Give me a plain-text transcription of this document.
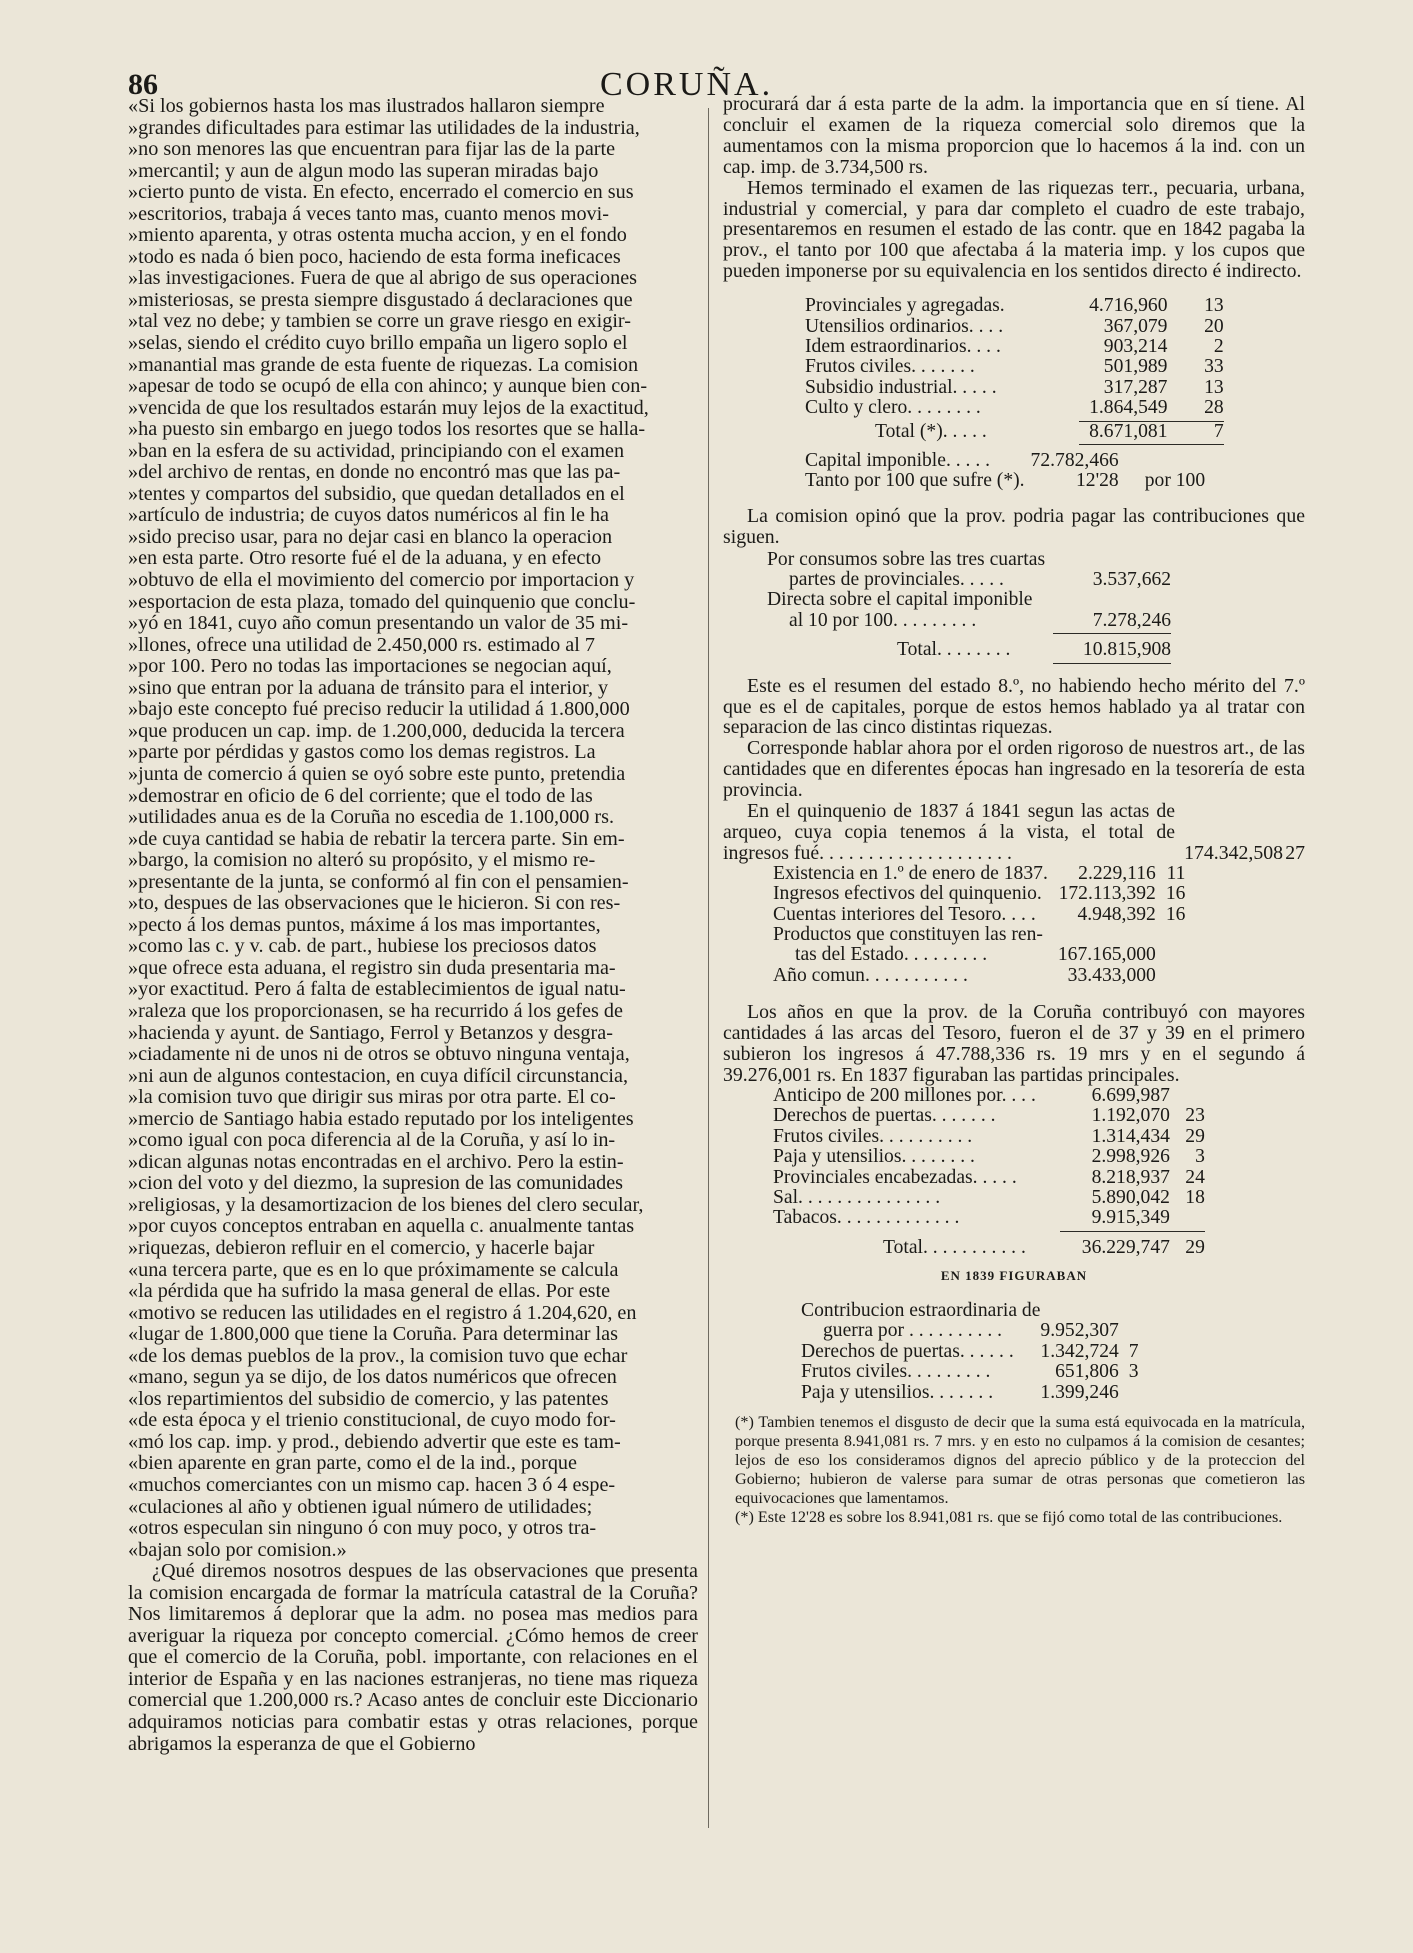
86	CORUÑA.
«Si los gobiernos hasta los mas ilustrados hallaron siempre
»grandes dificultades para estimar las utilidades de la industria,
»no son menores las que encuentran para fijar las de la parte
»mercantil; y aun de algun modo las superan miradas bajo
»cierto punto de vista. En efecto, encerrado el comercio en sus
»escritorios, trabaja á veces tanto mas, cuanto menos movi-
»miento aparenta, y otras ostenta mucha accion, y en el fondo
»todo es nada ó bien poco, haciendo de esta forma ineficaces
»las investigaciones. Fuera de que al abrigo de sus operaciones
»misteriosas, se presta siempre disgustado á declaraciones que
»tal vez no debe; y tambien se corre un grave riesgo en exigir-
»selas, siendo el crédito cuyo brillo empaña un ligero soplo el
»manantial mas grande de esta fuente de riquezas. La comision
»apesar de todo se ocupó de ella con ahinco; y aunque bien con-
»vencida de que los resultados estarán muy lejos de la exactitud,
»ha puesto sin embargo en juego todos los resortes que se halla-
»ban en la esfera de su actividad, principiando con el examen
»del archivo de rentas, en donde no encontró mas que las pa-
»tentes y compartos del subsidio, que quedan detallados en el
»artículo de industria; de cuyos datos numéricos al fin le ha
»sido preciso usar, para no dejar casi en blanco la operacion
»en esta parte. Otro resorte fué el de la aduana, y en efecto
»obtuvo de ella el movimiento del comercio por importacion y
»esportacion de esta plaza, tomado del quinquenio que conclu-
»yó en 1841, cuyo año comun presentando un valor de 35 mi-
»llones, ofrece una utilidad de 2.450,000 rs. estimado al 7
»por 100. Pero no todas las importaciones se negocian aquí,
»sino que entran por la aduana de tránsito para el interior, y
»bajo este concepto fué preciso reducir la utilidad á 1.800,000
»que producen un cap. imp. de 1.200,000, deducida la tercera
»parte por pérdidas y gastos como los demas registros. La
»junta de comercio á quien se oyó sobre este punto, pretendia
»demostrar en oficio de 6 del corriente; que el todo de las
»utilidades anua es de la Coruña no escedia de 1.100,000 rs.
»de cuya cantidad se habia de rebatir la tercera parte. Sin em-
»bargo, la comision no alteró su propósito, y el mismo re-
»presentante de la junta, se conformó al fin con el pensamien-
»to, despues de las observaciones que le hicieron. Si con res-
»pecto á los demas puntos, máxime á los mas importantes,
»como las c. y v. cab. de part., hubiese los preciosos datos
»que ofrece esta aduana, el registro sin duda presentaria ma-
»yor exactitud. Pero á falta de establecimientos de igual natu-
»raleza que los proporcionasen, se ha recurrido á los gefes de
»hacienda y ayunt. de Santiago, Ferrol y Betanzos y desgra-
»ciadamente ni de unos ni de otros se obtuvo ninguna ventaja,
»ni aun de algunos contestacion, en cuya difícil circunstancia,
»la comision tuvo que dirigir sus miras por otra parte. El co-
»mercio de Santiago habia estado reputado por los inteligentes
»como igual con poca diferencia al de la Coruña, y así lo in-
»dican algunas notas encontradas en el archivo. Pero la estin-
»cion del voto y del diezmo, la supresion de las comunidades
»religiosas, y la desamortizacion de los bienes del clero secular,
»por cuyos conceptos entraban en aquella c. anualmente tantas
»riquezas, debieron refluir en el comercio, y hacerle bajar
«una tercera parte, que es en lo que próximamente se calcula
«la pérdida que ha sufrido la masa general de ellas. Por este
«motivo se reducen las utilidades en el registro á 1.204,620, en
«lugar de 1.800,000 que tiene la Coruña. Para determinar las
«de los demas pueblos de la prov., la comision tuvo que echar
«mano, segun ya se dijo, de los datos numéricos que ofrecen
«los repartimientos del subsidio de comercio, y las patentes
«de esta época y el trienio constitucional, de cuyo modo for-
«mó los cap. imp. y prod., debiendo advertir que este es tam-
«bien aparente en gran parte, como el de la ind., porque
«muchos comerciantes con un mismo cap. hacen 3 ó 4 espe-
«culaciones al año y obtienen igual número de utilidades;
«otros especulan sin ninguno ó con muy poco, y otros tra-
«bajan solo por comision.»

¿Qué diremos nosotros despues de las observaciones que presenta la comision encargada de formar la matrícula catastral de la Coruña? Nos limitaremos á deplorar que la adm. no posea mas medios para averiguar la riqueza por concepto comercial. ¿Cómo hemos de creer que el comercio de la Coruña, pobl. importante, con relaciones en el interior de España y en las naciones estranjeras, no tiene mas riqueza comercial que 1.200,000 rs.? Acaso antes de concluir este Diccionario adquiramos noticias para combatir estas y otras relaciones, porque abrigamos la esperanza de que el Gobierno

procurará dar á esta parte de la adm. la importancia que en sí tiene. Al concluir el examen de la riqueza comercial solo diremos que la aumentamos con la misma proporcion que lo hacemos á la ind. con un cap. imp. de 3.734,500 rs.

Hemos terminado el examen de las riquezas terr., pecuaria, urbana, industrial y comercial, y para dar completo el cuadro de este trabajo, presentaremos en resumen el estado de las contr. que en 1842 pagaba la prov., el tanto por 100 que afectaba á la materia imp. y los cupos que pueden imponerse por su equivalencia en los sentidos directo é indirecto.

Provinciales y agregadas.	4.716,960	13
Utensilios ordinarios. . . .	367,079	20
Idem estraordinarios. . . .	903,214	2
Frutos civiles. . . . . . .	501,989	33
Subsidio industrial. . . . .	317,287	13
Culto y clero. . . . . . . .	1.864,549	28

Total (*). . . . .	8.671,081	7

Capital imponible. . . . .	72.782,466	
Tanto por 100 que sufre (*).	12'28	por 100

La comision opinó que la prov. podria pagar las contribuciones que siguen.

Por consumos sobre las tres cuartas	
partes de provinciales. . . . .	3.537,662
Directa sobre el capital imponible	
al 10 por 100. . . . . . . . .	7.278,246

Total. . . . . . . .	10.815,908

Este es el resumen del estado 8.º, no habiendo hecho mérito del 7.º que es el de capitales, porque de estos hemos hablado ya al tratar con separacion de las cinco distintas riquezas.

Corresponde hablar ahora por el orden rigoroso de nuestros art., de las cantidades que en diferentes épocas han ingresado en la tesorería de esta provincia.

En el quinquenio de 1837 á 1841 segun las actas de arqueo, cuya copia tenemos á la vista, el total de ingresos fué. . . . . . . . . . . . . . . . . . . .	174.342,508 27
Existencia en 1.º de enero de 1837.	2.229,116	11
Ingresos efectivos del quinquenio.	172.113,392	16
Cuentas interiores del Tesoro. . . .	4.948,392	16
Productos que constituyen las ren-		
tas del Estado. . . . . . . . .	167.165,000	
Año comun. . . . . . . . . . .	33.433,000	

Los años en que la prov. de la Coruña contribuyó con mayores cantidades á las arcas del Tesoro, fueron el de 37 y 39 en el primero subieron los ingresos á 47.788,336 rs. 19 mrs y en el segundo á 39.276,001 rs. En 1837 figuraban las partidas principales.

Anticipo de 200 millones por. . . .	6.699,987	
Derechos de puertas. . . . . . .	1.192,070	23
Frutos civiles. . . . . . . . . .	1.314,434	29
Paja y utensilios. . . . . . . .	2.998,926	3
Provinciales encabezadas. . . . .	8.218,937	24
Sal. . . . . . . . . . . . . . .	5.890,042	18
Tabacos. . . . . . . . . . . . .	9.915,349	

Total. . . . . . . . . . .	36.229,747	29
EN 1839 FIGURABAN
Contribucion estraordinaria de		
guerra por . . . . . . . . . .	9.952,307	
Derechos de puertas. . . . . .	1.342,724	7
Frutos civiles. . . . . . . . .	651,806	3
Paja y utensilios. . . . . . .	1.399,246	

(*) Tambien tenemos el disgusto de decir que la suma está equivocada en la matrícula, porque presenta 8.941,081 rs. 7 mrs. y en esto no culpamos á la comision de cesantes; lejos de eso los consideramos dignos del aprecio público y de la proteccion del Gobierno; hubieron de valerse para sumar de otras personas que cometieron las equivocaciones que lamentamos.

(*) Este 12'28 es sobre los 8.941,081 rs. que se fijó como total de las contribuciones.
